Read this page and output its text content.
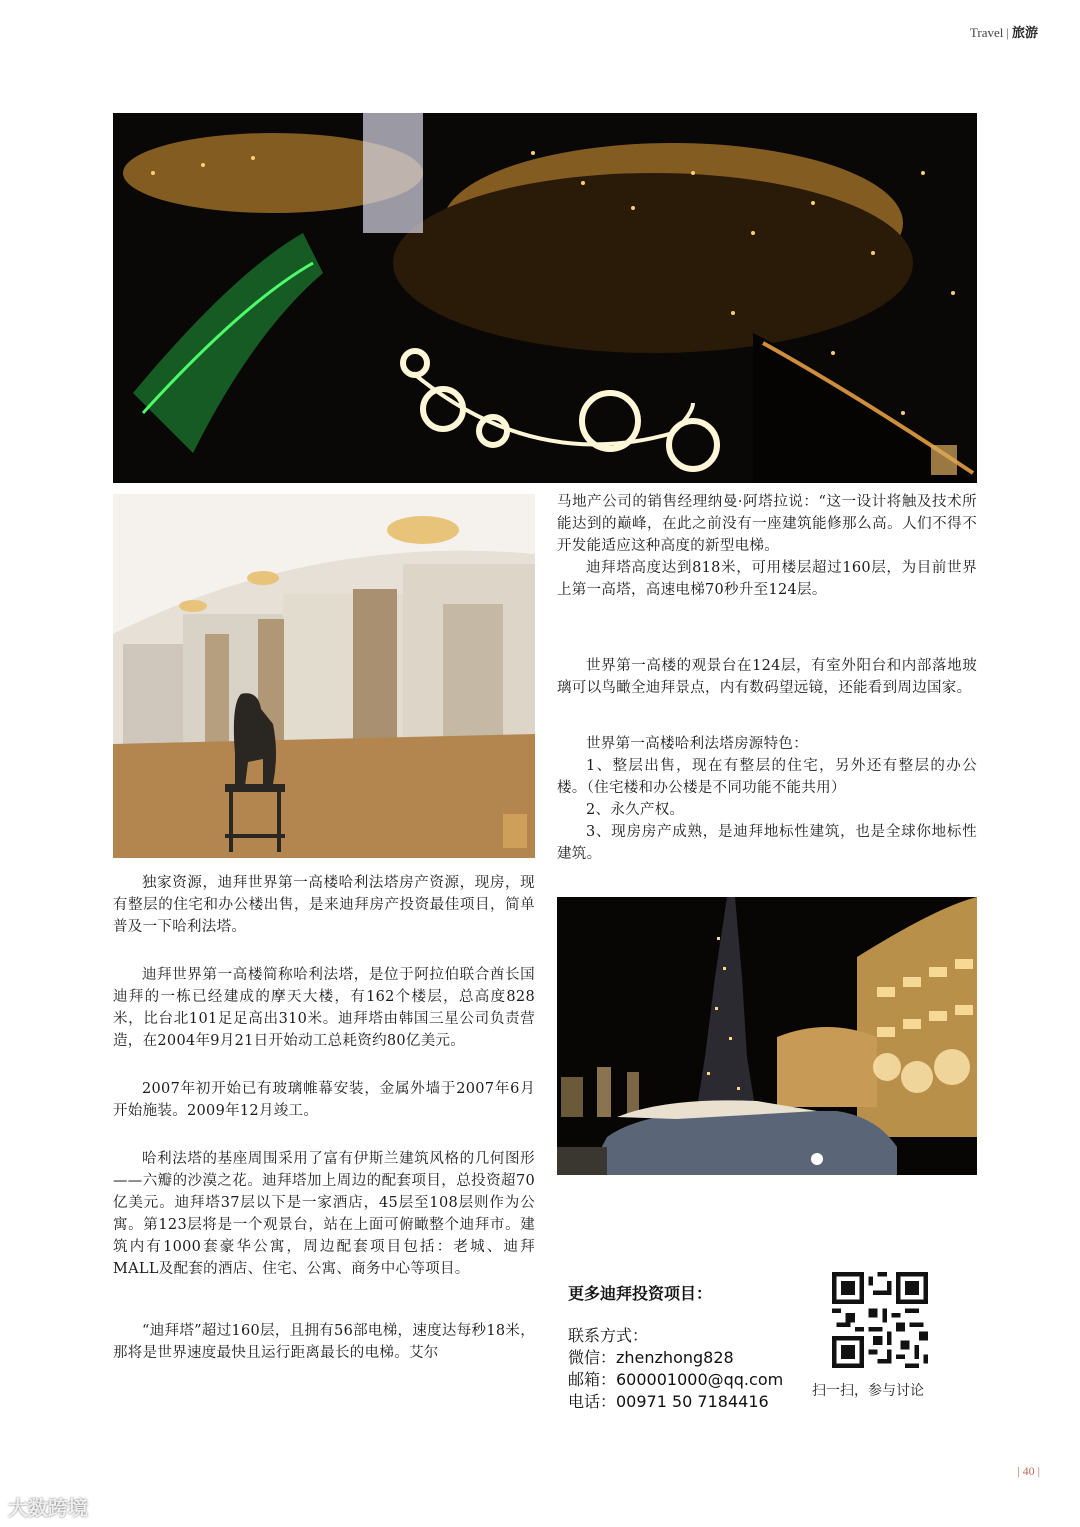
Travel | 旅游

马地产公司的销售经理纳曼·阿塔拉说：“这一设计将触及技术所能达到的巅峰，在此之前没有一座建筑能修那么高。人们不得不开发能适应这种高度的新型电梯。

迪拜塔高度达到818米，可用楼层超过160层，为目前世界上第一高塔，高速电梯70秒升至124层。

世界第一高楼的观景台在124层，有室外阳台和内部落地玻璃可以鸟瞰全迪拜景点，内有数码望远镜，还能看到周边国家。

世界第一高楼哈利法塔房源特色：

1、整层出售，现在有整层的住宅，另外还有整层的办公楼。（住宅楼和办公楼是不同功能不能共用）

2、永久产权。

3、现房房产成熟，是迪拜地标性建筑，也是全球你地标性建筑。

独家资源，迪拜世界第一高楼哈利法塔房产资源，现房，现有整层的住宅和办公楼出售，是来迪拜房产投资最佳项目，简单普及一下哈利法塔。

迪拜世界第一高楼简称哈利法塔，是位于阿拉伯联合酋长国迪拜的一栋已经建成的摩天大楼，有162个楼层，总高度828米，比台北101足足高出310米。迪拜塔由韩国三星公司负责营造，在2004年9月21日开始动工总耗资约80亿美元。

2007年初开始已有玻璃帷幕安装，金属外墙于2007年6月开始施装。2009年12月竣工。

哈利法塔的基座周围采用了富有伊斯兰建筑风格的几何图形——六瓣的沙漠之花。迪拜塔加上周边的配套项目，总投资超70亿美元。迪拜塔37层以下是一家酒店，45层至108层则作为公寓。第123层将是一个观景台，站在上面可俯瞰整个迪拜市。建筑内有1000套豪华公寓，周边配套项目包括：老城、迪拜MALL及配套的酒店、住宅、公寓、商务中心等项目。

“迪拜塔”超过160层，且拥有56部电梯，速度达每秒18米，那将是世界速度最快且运行距离最长的电梯。艾尔

更多迪拜投资项目：
联系方式：
微信：zhenzhong828
邮箱：600001000@qq.com
电话：00971 50 7184416
扫一扫，参与讨论
| 40 |
大数跨境
